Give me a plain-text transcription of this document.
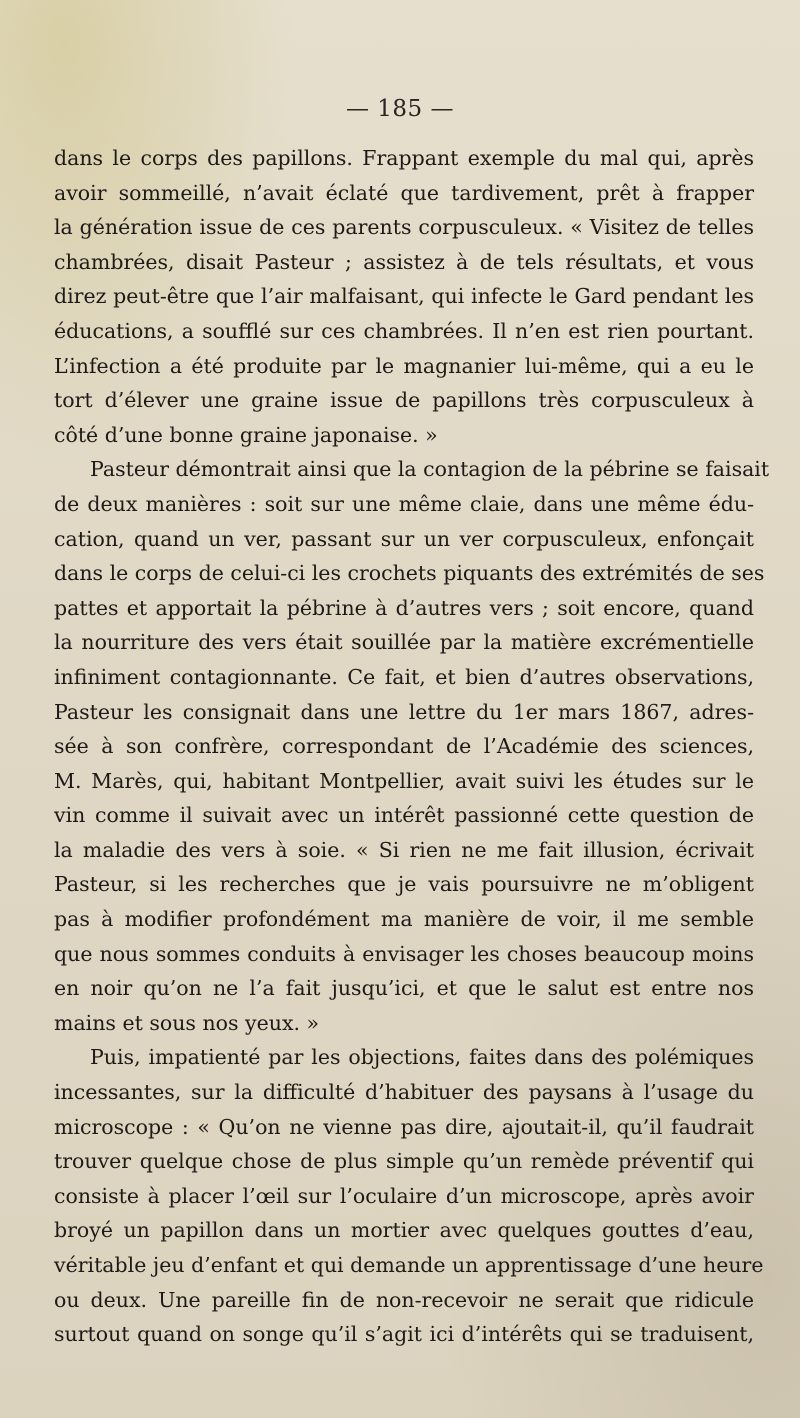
— 185 —
dans le corps des papillons. Frappant exemple du mal qui, après
avoir sommeillé, n’avait éclaté que tardivement, prêt à frapper
la génération issue de ces parents corpusculeux. « Visitez de telles
chambrées, disait Pasteur ; assistez à de tels résultats, et vous
direz peut-être que l’air malfaisant, qui infecte le Gard pendant les
éducations, a soufflé sur ces chambrées. Il n’en est rien pourtant.
L’infection a été produite par le magnanier lui-même, qui a eu le
tort d’élever une graine issue de papillons très corpusculeux à
côté d’une bonne graine japonaise. »
Pasteur démontrait ainsi que la contagion de la pébrine se faisait
de deux manières : soit sur une même claie, dans une même édu-
cation, quand un ver, passant sur un ver corpusculeux, enfonçait
dans le corps de celui-ci les crochets piquants des extrémités de ses
pattes et apportait la pébrine à d’autres vers ; soit encore, quand
la nourriture des vers était souillée par la matière excrémentielle
infiniment contagionnante. Ce fait, et bien d’autres observations,
Pasteur les consignait dans une lettre du 1er mars 1867, adres-
sée à son confrère, correspondant de l’Académie des sciences,
M. Marès, qui, habitant Montpellier, avait suivi les études sur le
vin comme il suivait avec un intérêt passionné cette question de
la maladie des vers à soie. « Si rien ne me fait illusion, écrivait
Pasteur, si les recherches que je vais poursuivre ne m’obligent
pas à modifier profondément ma manière de voir, il me semble
que nous sommes conduits à envisager les choses beaucoup moins
en noir qu’on ne l’a fait jusqu’ici, et que le salut est entre nos
mains et sous nos yeux. »
Puis, impatienté par les objections, faites dans des polémiques
incessantes, sur la difficulté d’habituer des paysans à l’usage du
microscope : « Qu’on ne vienne pas dire, ajoutait-il, qu’il faudrait
trouver quelque chose de plus simple qu’un remède préventif qui
consiste à placer l’œil sur l’oculaire d’un microscope, après avoir
broyé un papillon dans un mortier avec quelques gouttes d’eau,
véritable jeu d’enfant et qui demande un apprentissage d’une heure
ou deux. Une pareille fin de non-recevoir ne serait que ridicule
surtout quand on songe qu’il s’agit ici d’intérêts qui se traduisent,
